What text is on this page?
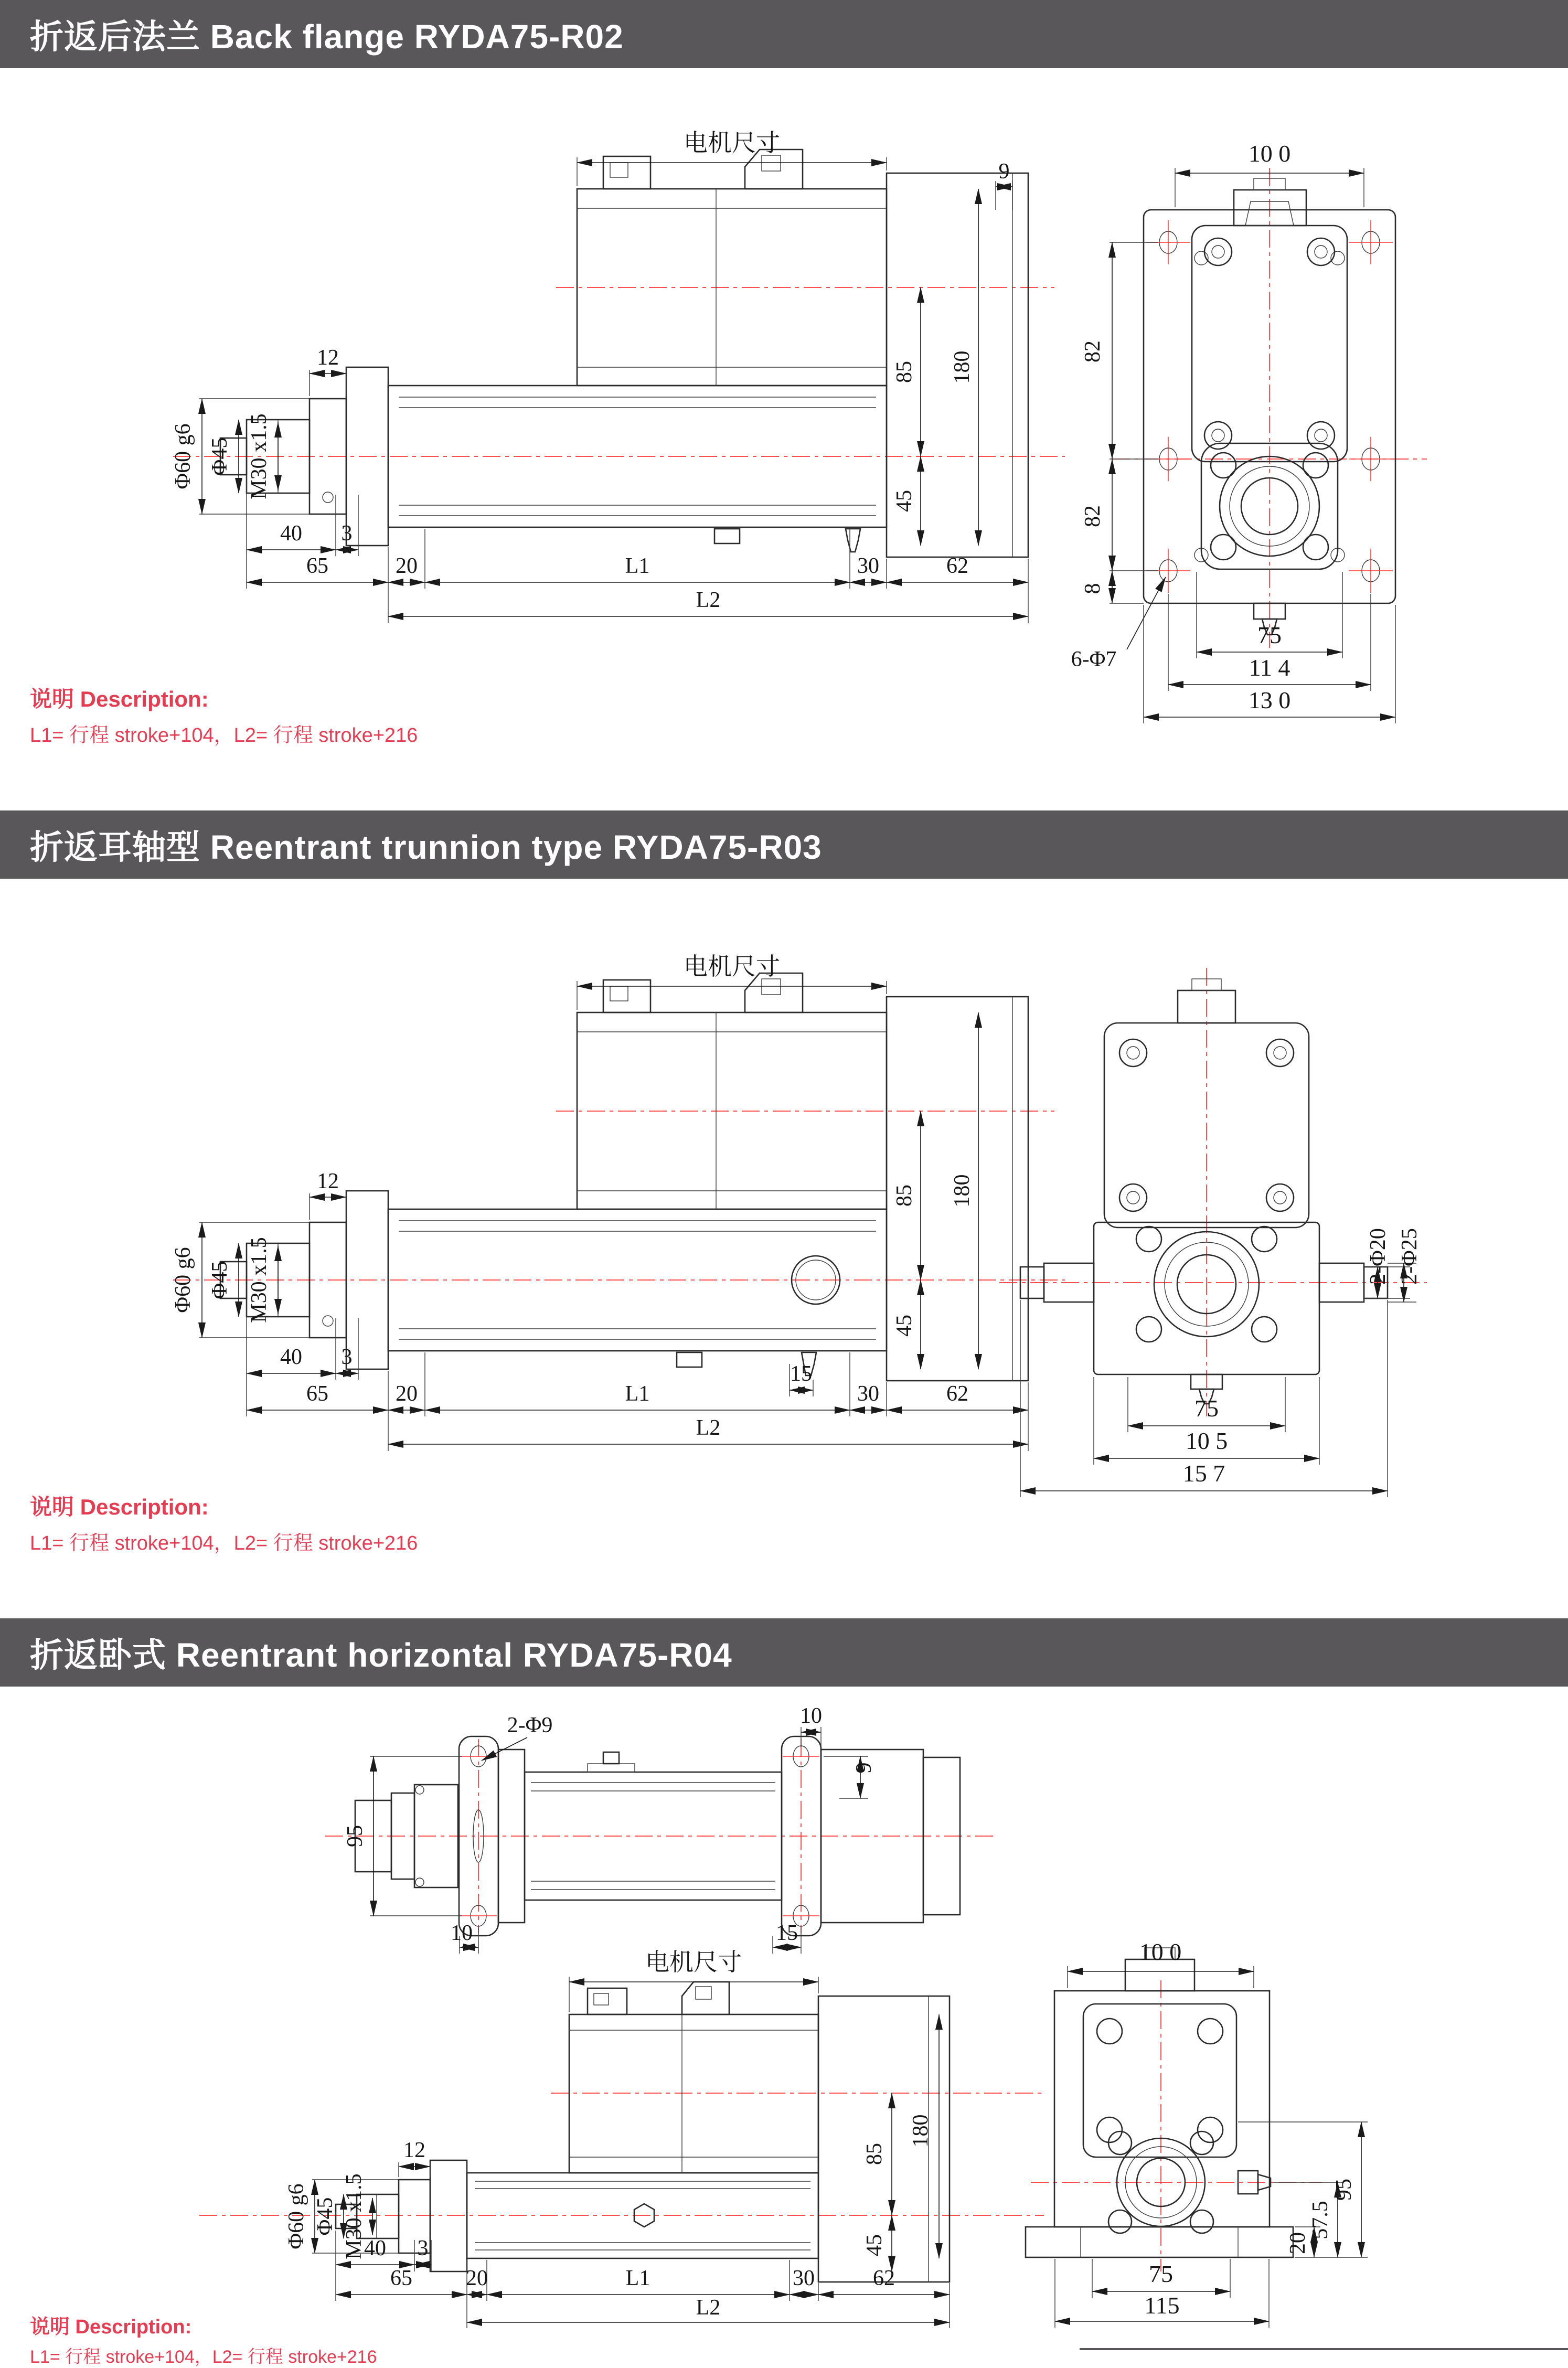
折返后法兰 Back flange RYDA75-R02
12
电机尺寸
9
85 180
45
Φ60 g6 Φ45 M30 x1.5
40 3
65	20	L1	30	62
L2
10 0
82
82
8
6-Φ7
75
11 4
13 0
说明 Description:
L1= 行程 stroke+104，L2= 行程 stroke+216
折返耳轴型 Reentrant trunnion type RYDA75-R03
15
12
电机尺寸
85 180
45
Φ60 g6 Φ45 M30 x1.5
40 3
65	20	L1	30	62
L2
2-Φ20 2-Φ25
75
10 5
15 7
说明 Description:
L1= 行程 stroke+104，L2= 行程 stroke+216
折返卧式 Reentrant horizontal RYDA75-R04
2-Φ9	10
9
95
10	15
电机尺寸
12
Φ60 g6 Φ45 M30 x1.5
85
180
45
40 3
65 20	L1	30	62
L2
10 0
20
57.5
95
75
115
说明 Description:
L1= 行程 stroke+104，L2= 行程 stroke+216
